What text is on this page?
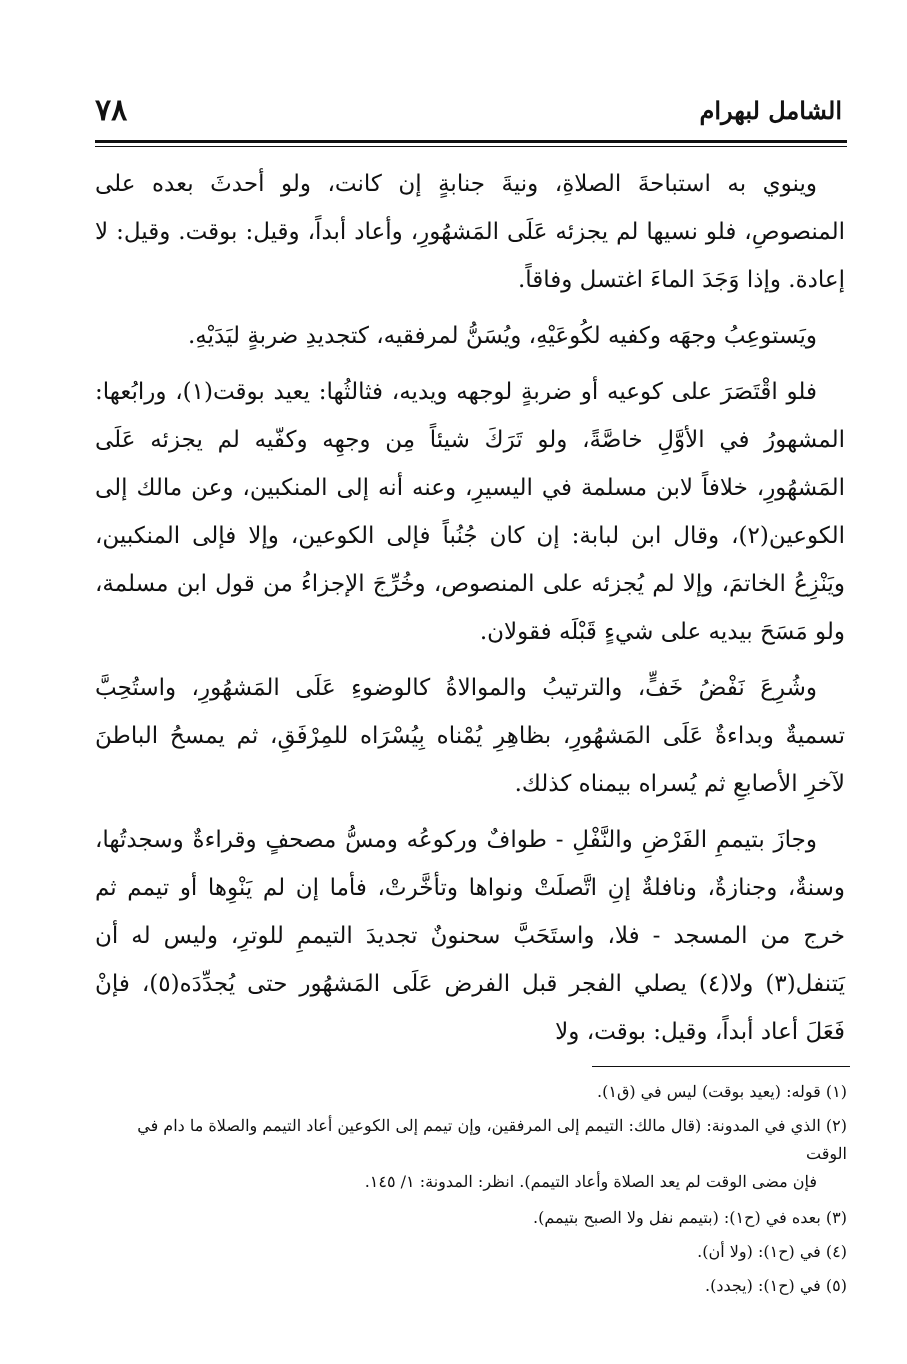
٧٨	الشامل لبهرام

وينوي به استباحةَ الصلاةِ، ونيةَ جنابةٍ إن كانت، ولو أحدثَ بعده على المنصوصِ، فلو نسيها لم يجزئه عَلَى المَشهُورِ، وأعاد أبداً، وقيل: بوقت. وقيل: لا إعادة. وإذا وَجَدَ الماءَ اغتسل وفاقاً.

ويَستوعِبُ وجهَه وكفيه لكُوعَيْهِ، ويُسَنُّ لمرفقيه، كتجديدِ ضربةٍ ليَدَيْهِ.

فلو اقْتَصَرَ على كوعيه أو ضربةٍ لوجهه ويديه، فثالثُها: يعيد بوقت(١)، ورابُعها: المشهورُ في الأوَّلِ خاصَّةً، ولو تَرَكَ شيئاً مِن وجهِه وكفّيه لم يجزئه عَلَى المَشهُورِ، خلافاً لابن مسلمة في اليسيرِ، وعنه أنه إلى المنكبين، وعن مالك إلى الكوعين(٢)، وقال ابن لبابة: إن كان جُنُباً فإلى الكوعين، وإلا فإلى المنكبين، ويَنْزِعُ الخاتمَ، وإلا لم يُجزئه على المنصوص، وخُرِّجَ الإجزاءُ من قول ابن مسلمة، ولو مَسَحَ بيديه على شيءٍ قَبْلَه فقولان.

وشُرِعَ نَفْضُ خَفٍّ، والترتيبُ والموالاةُ كالوضوءِ عَلَى المَشهُورِ، واستُحِبَّ تسميةٌ وبداءةٌ عَلَى المَشهُورِ، بظاهِرِ يُمْناه بِيُسْرَاه للمِرْفَقِ، ثم يمسحُ الباطنَ لآخرِ الأصابعِ ثم يُسراه بيمناه كذلك.

وجازَ بتيممِ الفَرْضِ والنَّفْلِ - طوافٌ وركوعُه ومسُّ مصحفٍ وقراءةٌ وسجدتُها، وسنةٌ، وجنازةٌ، ونافلةٌ إنِ اتَّصلَتْ ونواها وتأخَّرتْ، فأما إن لم يَنْوِها أو تيمم ثم خرج من المسجد - فلا، واستَحَبَّ سحنونٌ تجديدَ التيممِ للوترِ، وليس له أن يَتنفل(٣) ولا(٤) يصلي الفجر قبل الفرض عَلَى المَشهُور حتى يُجدِّدَه(٥)، فإنْ فَعَلَ أعاد أبداً، وقيل: بوقت، ولا

(١) قوله: (يعيد بوقت) ليس في (ق١).
(٢) الذي في المدونة: (قال مالك: التيمم إلى المرفقين، وإن تيمم إلى الكوعين أعاد التيمم والصلاة ما دام في الوقت
فإن مضى الوقت لم يعد الصلاة وأعاد التيمم). انظر: المدونة: ١/ ١٤٥.
(٣) بعده في (ح١): (بتيمم نفل ولا الصبح بتيمم).
(٤) في (ح١): (ولا أن).
(٥) في (ح١): (يجدد).
